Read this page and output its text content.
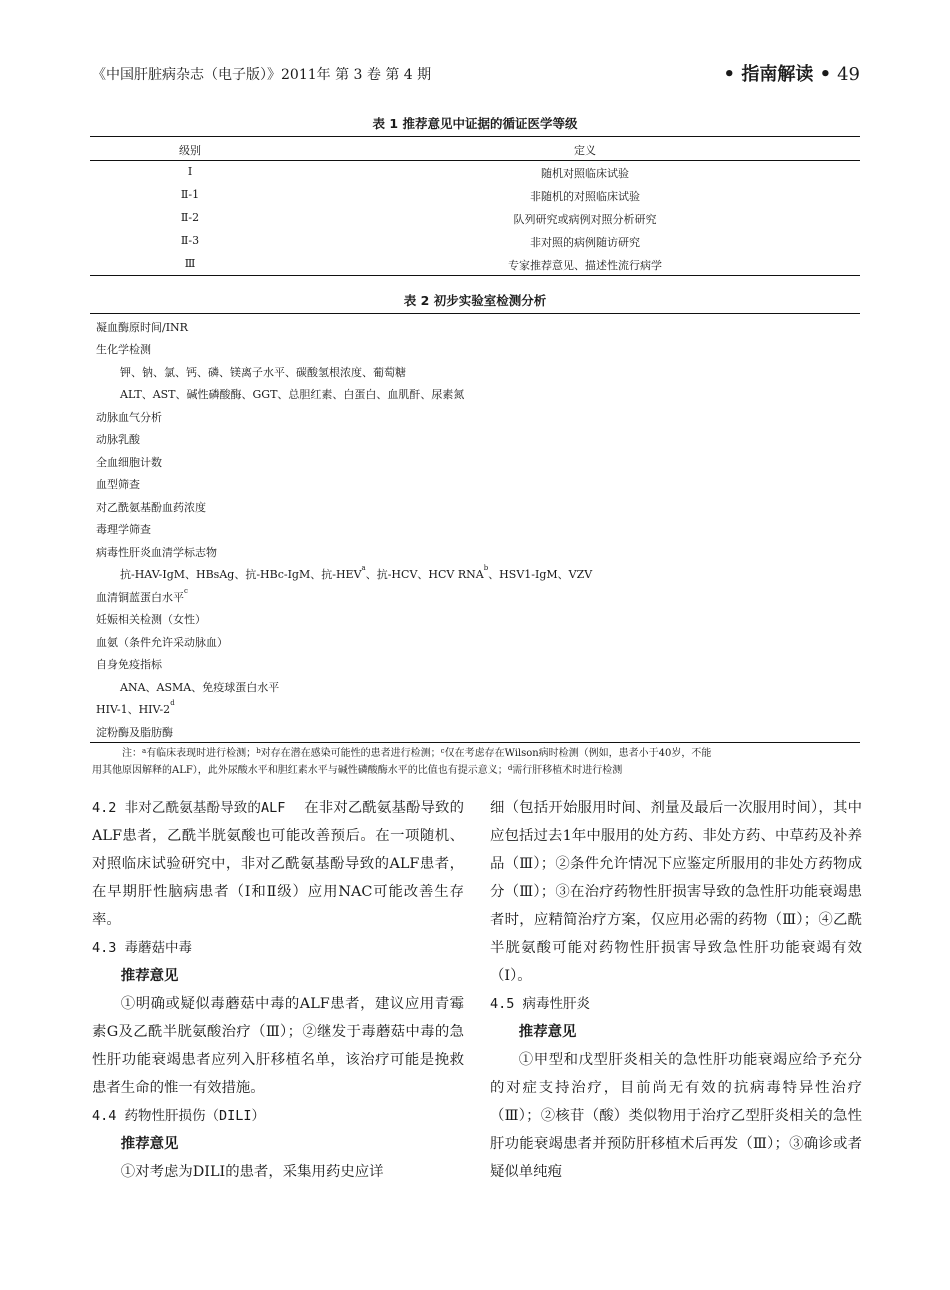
《中国肝脏病杂志（电子版）》2011年 第 3 卷 第 4 期	• 指南解读 • 49
表 1 推荐意见中证据的循证医学等级
级别	定义
Ⅰ	随机对照临床试验
Ⅱ-1	非随机的对照临床试验
Ⅱ-2	队列研究或病例对照分析研究
Ⅱ-3	非对照的病例随访研究
Ⅲ	专家推荐意见、描述性流行病学
表 2 初步实验室检测分析
凝血酶原时间/INR
生化学检测
钾、钠、氯、钙、磷、镁离子水平、碳酸氢根浓度、葡萄糖
ALT、AST、碱性磷酸酶、GGT、总胆红素、白蛋白、血肌酐、尿素氮
动脉血气分析
动脉乳酸
全血细胞计数
血型筛查
对乙酰氨基酚血药浓度
毒理学筛查
病毒性肝炎血清学标志物
抗-HAV-IgM、HBsAg、抗-HBc-IgM、抗-HEV$^a$、抗-HCV、HCV RNA$^b$、HSV1-IgM、VZV
血清铜蓝蛋白水平$^c$
妊娠相关检测（女性）
血氨（条件允许采动脉血）
自身免疫指标
ANA、ASMA、免疫球蛋白水平
HIV-1、HIV-2$^d$
淀粉酶及脂肪酶
注：$^a$有临床表现时进行检测；$^b$对存在潜在感染可能性的患者进行检测；$^c$仅在考虑存在Wilson病时检测（例如，患者小于40岁，不能
用其他原因解释的ALF），此外尿酸水平和胆红素水平与碱性磷酸酶水平的比值也有提示意义；$^d$需行肝移植术时进行检测

4.2 非对乙酰氨基酚导致的ALF 在非对乙酰氨基酚导致的ALF患者，乙酰半胱氨酸也可能改善预后。在一项随机、对照临床试验研究中，非对乙酰氨基酚导致的ALF患者，在早期肝性脑病患者（Ⅰ和Ⅱ级）应用NAC可能改善生存率。

4.3 毒蘑菇中毒

推荐意见

①明确或疑似毒蘑菇中毒的ALF患者，建议应用青霉素G及乙酰半胱氨酸治疗（Ⅲ）；②继发于毒蘑菇中毒的急性肝功能衰竭患者应列入肝移植名单，该治疗可能是挽救患者生命的惟一有效措施。

4.4 药物性肝损伤（DILI）

推荐意见

①对考虑为DILI的患者，采集用药史应详

细（包括开始服用时间、剂量及最后一次服用时间），其中应包括过去1年中服用的处方药、非处方药、中草药及补养品（Ⅲ）；②条件允许情况下应鉴定所服用的非处方药物成分（Ⅲ）；③在治疗药物性肝损害导致的急性肝功能衰竭患者时，应精简治疗方案，仅应用必需的药物（Ⅲ）；④乙酰半胱氨酸可能对药物性肝损害导致急性肝功能衰竭有效（Ⅰ）。

4.5 病毒性肝炎

推荐意见

①甲型和戊型肝炎相关的急性肝功能衰竭应给予充分的对症支持治疗，目前尚无有效的抗病毒特异性治疗（Ⅲ）；②核苷（酸）类似物用于治疗乙型肝炎相关的急性肝功能衰竭患者并预防肝移植术后再发（Ⅲ）；③确诊或者疑似单纯疱
